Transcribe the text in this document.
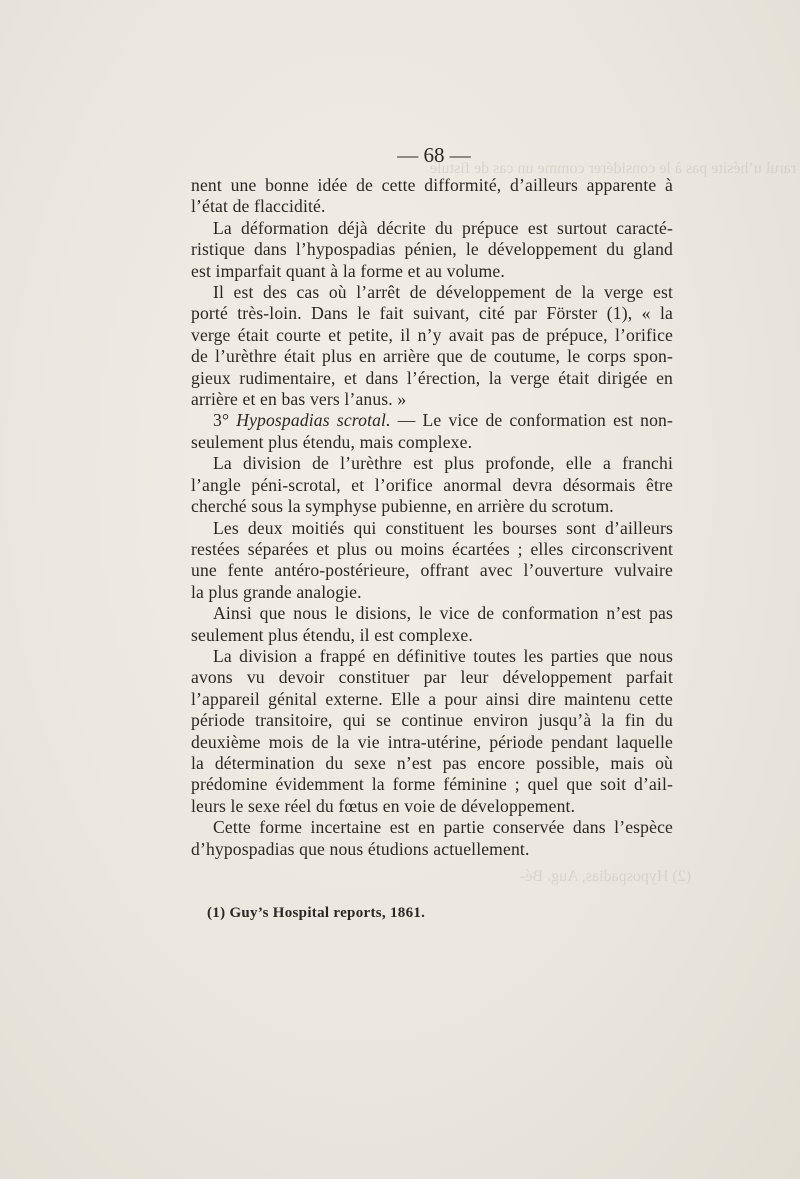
rarul u’hésite pas à le considérer comme un cas de fistule
(2) Hypospadias, Aug. Bé-
— 68 —
nent une bonne idée de cette difformité, d’ailleurs apparente à
l’état de flaccidité.
La déformation déjà décrite du prépuce est surtout caracté-
ristique dans l’hypospadias pénien, le développement du gland
est imparfait quant à la forme et au volume.
Il est des cas où l’arrêt de développement de la verge est
porté très-loin. Dans le fait suivant, cité par Förster (1), « la
verge était courte et petite, il n’y avait pas de prépuce, l’orifice
de l’urèthre était plus en arrière que de coutume, le corps spon-
gieux rudimentaire, et dans l’érection, la verge était dirigée en
arrière et en bas vers l’anus. »
3° Hypospadias scrotal. — Le vice de conformation est non-
seulement plus étendu, mais complexe.
La division de l’urèthre est plus profonde, elle a franchi
l’angle péni-scrotal, et l’orifice anormal devra désormais être
cherché sous la symphyse pubienne, en arrière du scrotum.
Les deux moitiés qui constituent les bourses sont d’ailleurs
restées séparées et plus ou moins écartées ; elles circonscrivent
une fente antéro-postérieure, offrant avec l’ouverture vulvaire
la plus grande analogie.
Ainsi que nous le disions, le vice de conformation n’est pas
seulement plus étendu, il est complexe.
La division a frappé en définitive toutes les parties que nous
avons vu devoir constituer par leur développement parfait
l’appareil génital externe. Elle a pour ainsi dire maintenu cette
période transitoire, qui se continue environ jusqu’à la fin du
deuxième mois de la vie intra-utérine, période pendant laquelle
la détermination du sexe n’est pas encore possible, mais où
prédomine évidemment la forme féminine ; quel que soit d’ail-
leurs le sexe réel du fœtus en voie de développement.
Cette forme incertaine est en partie conservée dans l’espèce
d’hypospadias que nous étudions actuellement.
(1) Guy’s Hospital reports, 1861.
